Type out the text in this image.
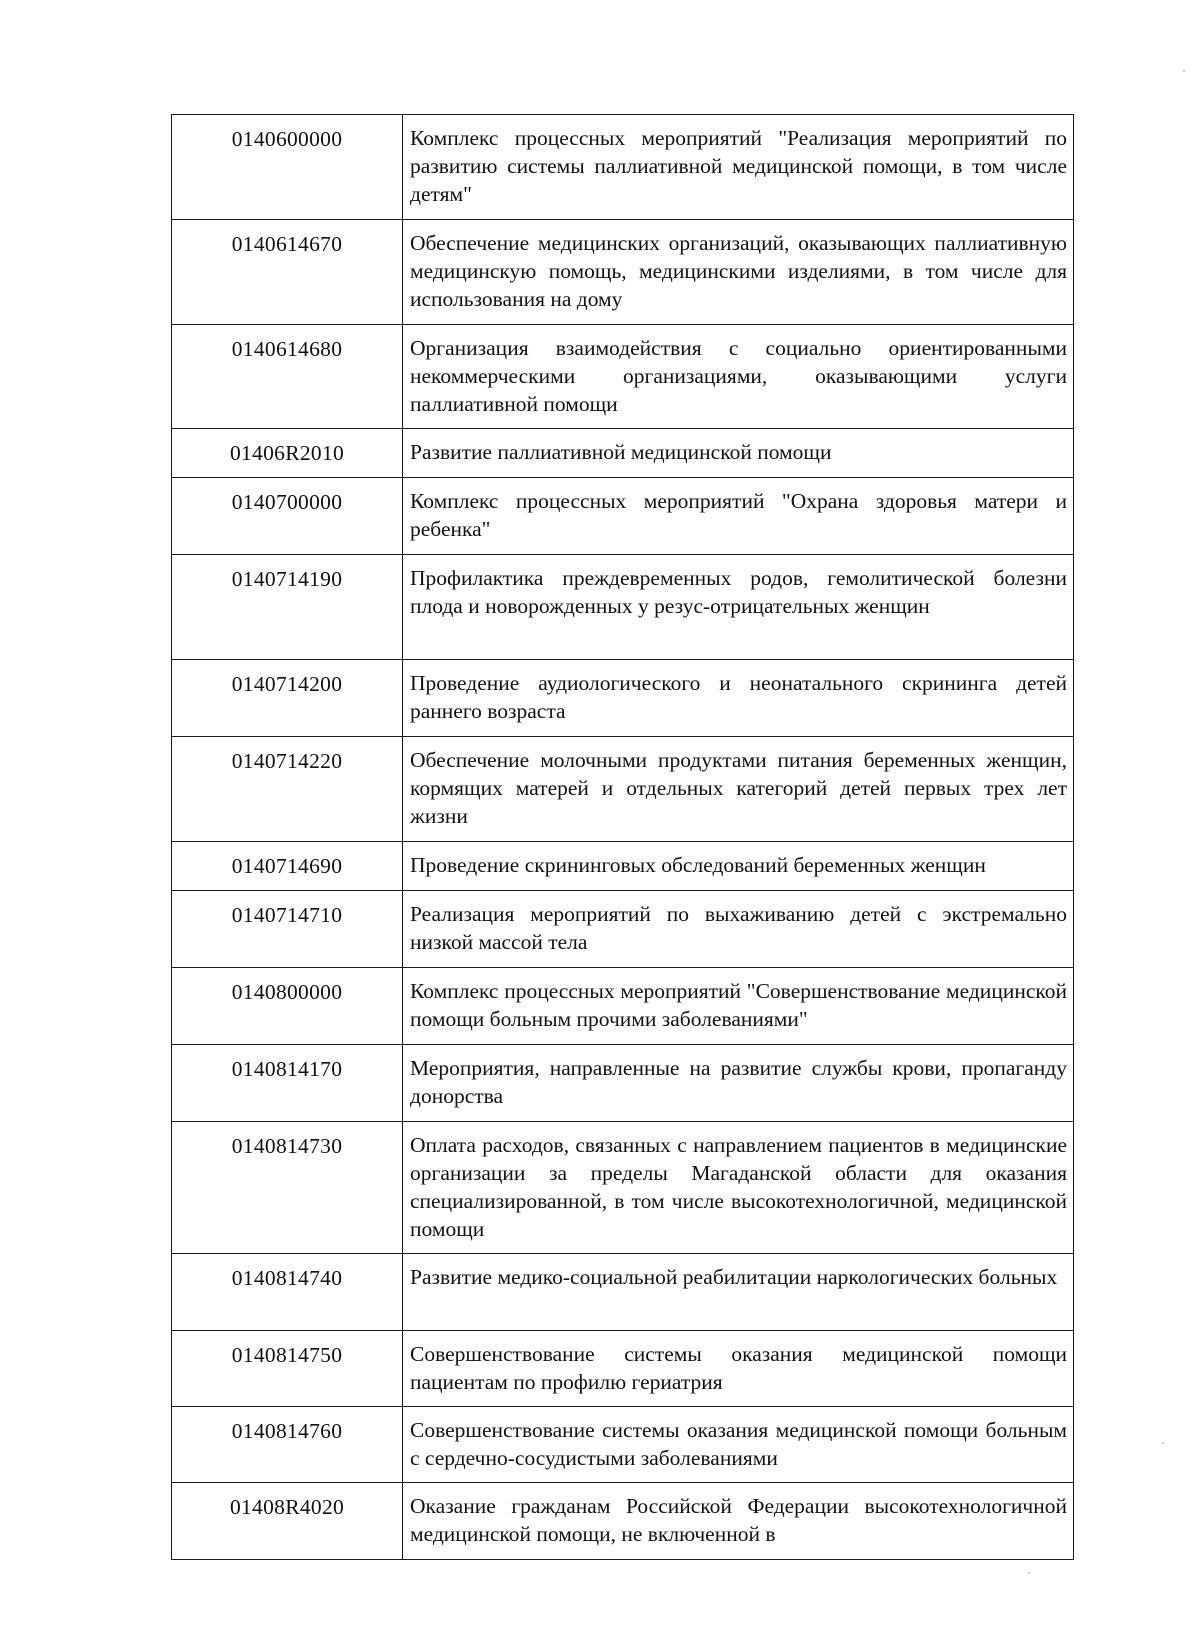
0140600000	Комплекс процессных мероприятий "Реализация мероприятий по развитию системы паллиативной медицинской помощи, в том числе детям"
0140614670	Обеспечение медицинских организаций, оказывающих паллиативную медицинскую помощь, медицинскими изделиями, в том числе для использования на дому
0140614680	Организация взаимодействия с социально ориентированными некоммерческими организациями, оказывающими услуги паллиативной помощи
01406R2010	Развитие паллиативной медицинской помощи
0140700000	Комплекс процессных мероприятий "Охрана здоровья матери и ребенка"
0140714190	Профилактика преждевременных родов, гемолитической болезни плода и новорожденных у резус-отрицательных женщин
0140714200	Проведение аудиологического и неонатального скрининга детей раннего возраста
0140714220	Обеспечение молочными продуктами питания беременных женщин, кормящих матерей и отдельных категорий детей первых трех лет жизни
0140714690	Проведение скрининговых обследований беременных женщин
0140714710	Реализация мероприятий по выхаживанию детей с экстремально низкой массой тела
0140800000	Комплекс процессных мероприятий "Совершенствование медицинской помощи больным прочими заболеваниями"
0140814170	Мероприятия, направленные на развитие службы крови, пропаганду донорства
0140814730	Оплата расходов, связанных с направлением пациентов в медицинские организации за пределы Магаданской области для оказания специализированной, в том числе высокотехнологичной, медицинской помощи
0140814740	Развитие медико-социальной реабилитации наркологических больных
0140814750	Совершенствование системы оказания медицинской помощи пациентам по профилю гериатрия
0140814760	Совершенствование системы оказания медицинской помощи больным с сердечно-сосудистыми заболеваниями
01408R4020	Оказание гражданам Российской Федерации высокотехнологичной медицинской помощи, не включенной в
